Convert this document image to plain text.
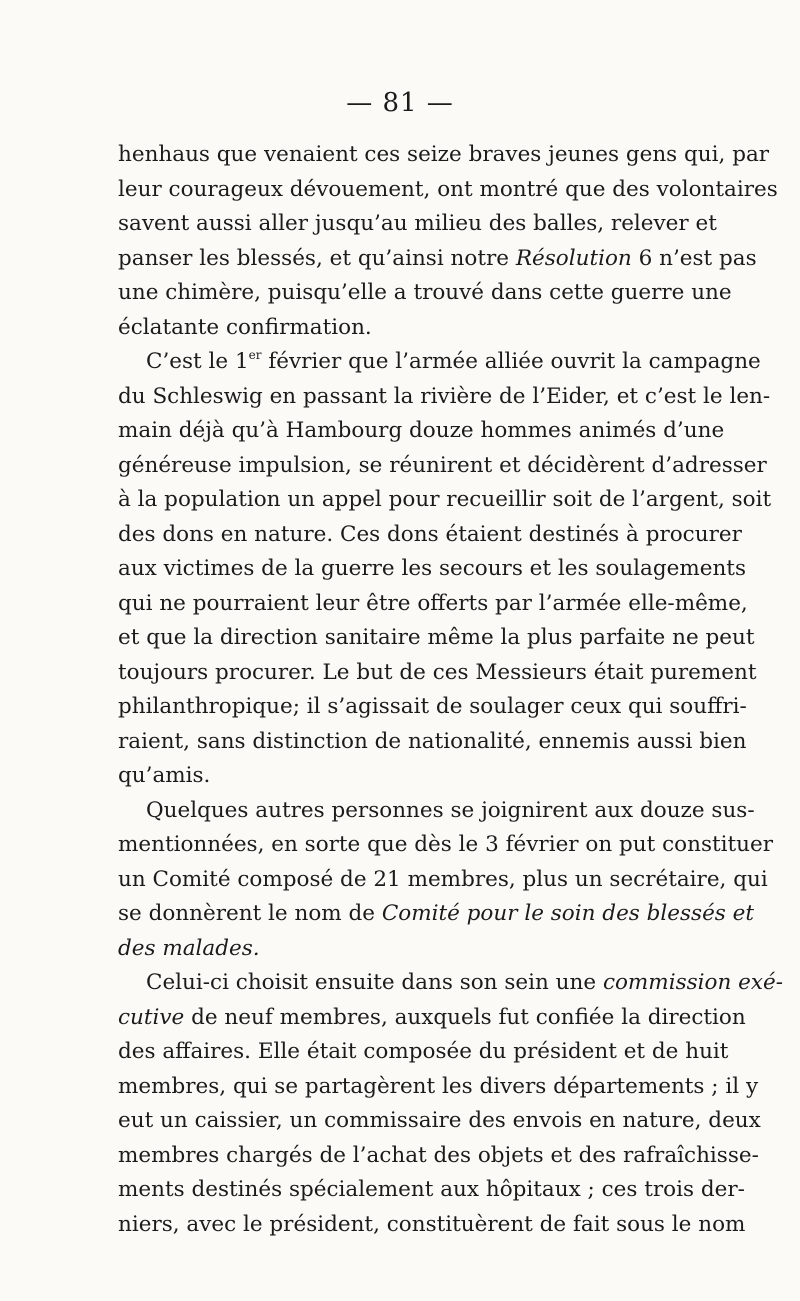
— 81 —
henhaus que venaient ces seize braves jeunes gens qui, par
leur courageux dévouement, ont montré que des volontaires
savent aussi aller jusqu’au milieu des balles, relever et
panser les blessés, et qu’ainsi notre Résolution 6 n’est pas
une chimère, puisqu’elle a trouvé dans cette guerre une
éclatante confirmation.
C’est le 1er février que l’armée alliée ouvrit la campagne
du Schleswig en passant la rivière de l’Eider, et c’est le len-
main déjà qu’à Hambourg douze hommes animés d’une
généreuse impulsion, se réunirent et décidèrent d’adresser
à la population un appel pour recueillir soit de l’argent, soit
des dons en nature. Ces dons étaient destinés à procurer
aux victimes de la guerre les secours et les soulagements
qui ne pourraient leur être offerts par l’armée elle-même,
et que la direction sanitaire même la plus parfaite ne peut
toujours procurer. Le but de ces Messieurs était purement
philanthropique; il s’agissait de soulager ceux qui souffri-
raient, sans distinction de nationalité, ennemis aussi bien
qu’amis.
Quelques autres personnes se joignirent aux douze sus-
mentionnées, en sorte que dès le 3 février on put constituer
un Comité composé de 21 membres, plus un secrétaire, qui
se donnèrent le nom de Comité pour le soin des blessés et
des malades.
Celui-ci choisit ensuite dans son sein une commission exé-
cutive de neuf membres, auxquels fut confiée la direction
des affaires. Elle était composée du président et de huit
membres, qui se partagèrent les divers départements ; il y
eut un caissier, un commissaire des envois en nature, deux
membres chargés de l’achat des objets et des rafraîchisse-
ments destinés spécialement aux hôpitaux ; ces trois der-
niers, avec le président, constituèrent de fait sous le nom
